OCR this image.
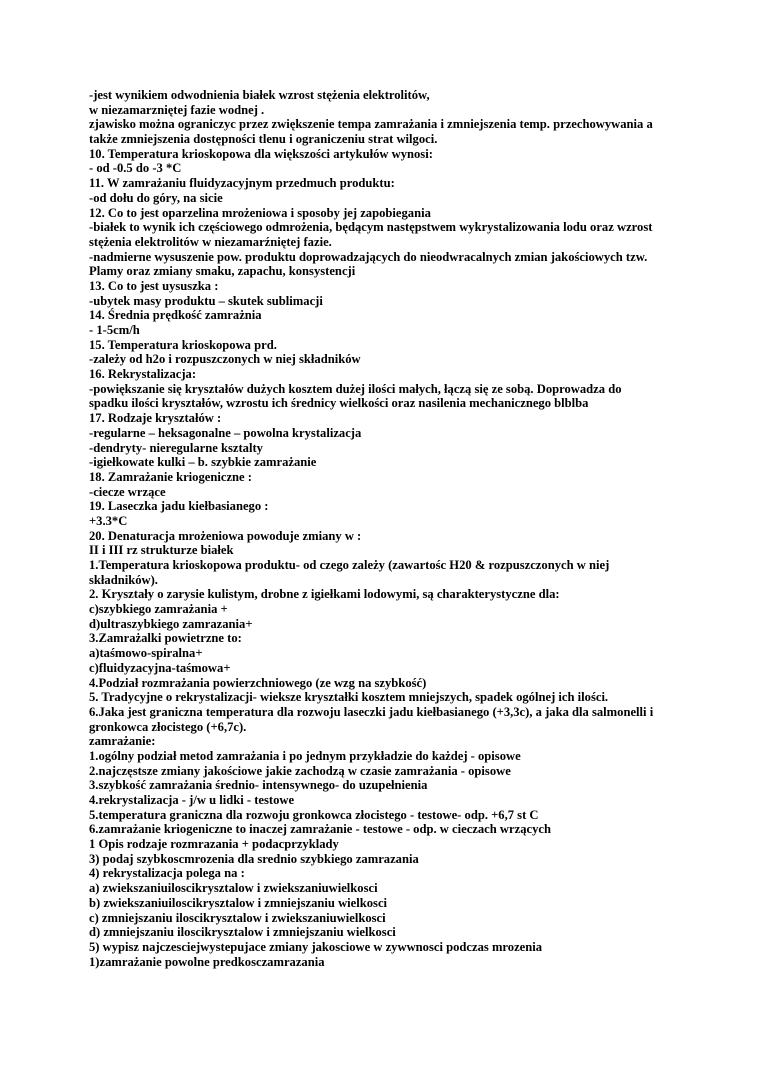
-jest wynikiem odwodnienia białek wzrost stężenia elektrolitów,
w niezamarzniętej fazie wodnej .
zjawisko można ograniczyc przez zwiększenie tempa zamrażania i zmniejszenia temp. przechowywania a
także zmniejszenia dostępności tlenu i ograniczeniu strat wilgoci.
10. Temperatura krioskopowa dla większości artykułów wynosi:
- od -0.5 do -3 *C
11. W zamrażaniu fluidyzacyjnym przedmuch produktu:
-od dołu do góry, na sicie
12. Co to jest oparzelina mrożeniowa i sposoby jej zapobiegania
-białek to wynik ich częściowego odmrożenia, będącym następstwem wykrystalizowania lodu oraz wzrost
stężenia elektrolitów w niezamarźniętej fazie.
-nadmierne wysuszenie pow. produktu doprowadzających do nieodwracalnych zmian jakościowych tzw.
Plamy oraz zmiany smaku, zapachu, konsystencji
13. Co to jest uysuszka :
-ubytek masy produktu – skutek sublimacji
14. Średnia prędkość zamrażnia
- 1-5cm/h
15. Temperatura krioskopowa prd.
-zależy od h2o i rozpuszczonych w niej składników
16. Rekrystalizacja:
-powiększanie się kryształów dużych kosztem dużej ilości małych, łączą się ze sobą. Doprowadza do
spadku ilości kryształów, wzrostu ich średnicy wielkości oraz nasilenia mechanicznego blblba
17. Rodzaje kryształów :
-regularne – heksagonalne – powolna krystalizacja
-dendryty- nieregularne ksztalty
-igiełkowate kulki – b. szybkie zamrażanie
18. Zamrażanie kriogeniczne :
-ciecze wrzące
19. Laseczka jadu kiełbasianego :
+3.3*C
20. Denaturacja mrożeniowa powoduje zmiany w :
II i III rz strukturze białek
1.Temperatura krioskopowa produktu- od czego zależy (zawartośc H20 & rozpuszczonych w niej
składników).
2. Kryształy o zarysie kulistym, drobne z igiełkami lodowymi, są charakterystyczne dla:
c)szybkiego zamrażania +
d)ultraszybkiego zamrazania+
3.Zamrażalki powietrzne to:
a)taśmowo-spiralna+
c)fluidyzacyjna-taśmowa+
4.Podział rozmrażania powierzchniowego (ze wzg na szybkość)
5. Tradycyjne o rekrystalizacji- wieksze kryształki kosztem mniejszych, spadek ogólnej ich ilości.
6.Jaka jest graniczna temperatura dla rozwoju laseczki jadu kiełbasianego (+3,3c), a jaka dla salmonelli i
gronkowca złocistego (+6,7c).
zamrażanie:
1.ogólny podział metod zamrażania i po jednym przykładzie do każdej - opisowe
2.najczęstsze zmiany jakościowe jakie zachodzą w czasie zamrażania - opisowe
3.szybkość zamrażania średnio- intensywnego- do uzupełnienia
4.rekrystalizacja - j/w u lidki - testowe
5.temperatura graniczna dla rozwoju gronkowca złocistego - testowe- odp. +6,7 st C
6.zamrażanie kriogeniczne to inaczej zamrażanie - testowe - odp. w cieczach wrzących
1 Opis rodzaje rozmrazania + podacprzyklady
3) podaj szybkoscmrozenia dla srednio szybkiego zamrazania
4) rekrystalizacja polega na :
a) zwiekszaniuiloscikrysztalow i zwiekszaniuwielkosci
b) zwiekszaniuiloscikrysztalow i zmniejszaniu wielkosci
c) zmniejszaniu iloscikrysztalow i zwiekszaniuwielkosci
d) zmniejszaniu iloscikrysztalow i zmniejszaniu wielkosci
5) wypisz najczesciejwystepujace zmiany jakosciowe w zywwnosci podczas mrozenia
1)zamrażanie powolne predkosczamrazania
